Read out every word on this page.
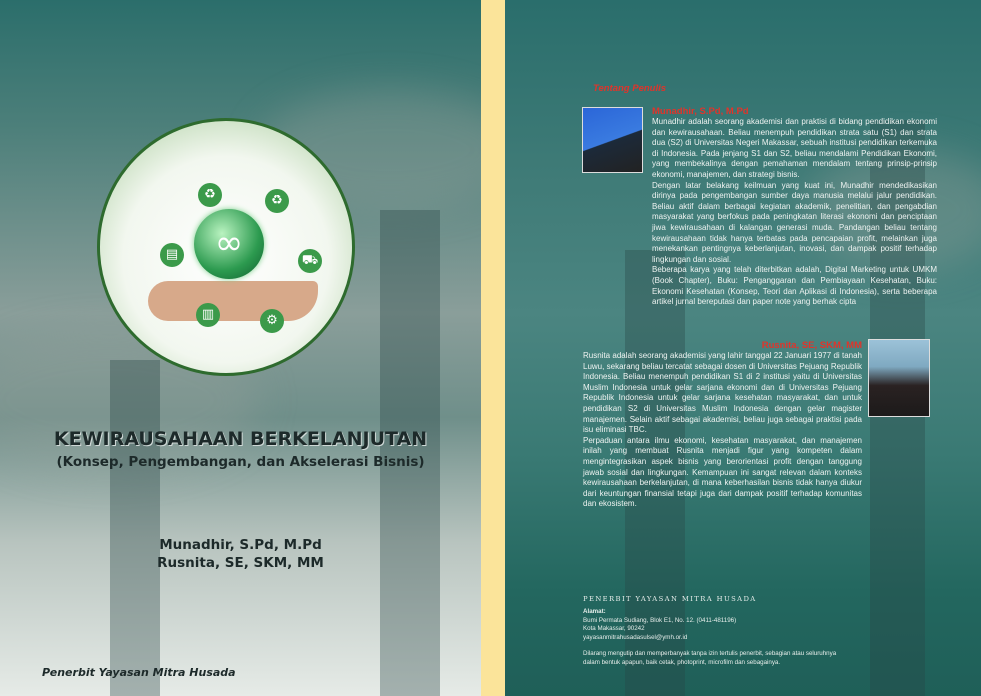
∞
♻	♻
⛟
⚙
▥
▤
KEWIRAUSAHAAN BERKELANJUTAN
(Konsep, Pengembangan, dan Akselerasi Bisnis)
Munadhir, S.Pd, M.Pd
Rusnita, SE, SKM, MM
Penerbit Yayasan Mitra Husada
Tentang Penulis
Munadhir, S.Pd, M.Pd

Munadhir adalah seorang akademisi dan praktisi di bidang pendidikan ekonomi dan kewirausahaan. Beliau menempuh pendidikan strata satu (S1) dan strata dua (S2) di Universitas Negeri Makassar, sebuah institusi pendidikan terkemuka di Indonesia. Pada jenjang S1 dan S2, beliau mendalami Pendidikan Ekonomi, yang membekalinya dengan pemahaman mendalam tentang prinsip-prinsip ekonomi, manajemen, dan strategi bisnis.

Dengan latar belakang keilmuan yang kuat ini, Munadhir mendedikasikan dirinya pada pengembangan sumber daya manusia melalui jalur pendidikan. Beliau aktif dalam berbagai kegiatan akademik, penelitian, dan pengabdian masyarakat yang berfokus pada peningkatan literasi ekonomi dan penciptaan jiwa kewirausahaan di kalangan generasi muda. Pandangan beliau tentang kewirausahaan tidak hanya terbatas pada pencapaian profit, melainkan juga menekankan pentingnya keberlanjutan, inovasi, dan dampak positif terhadap lingkungan dan sosial.

Beberapa karya yang telah diterbitkan adalah, Digital Marketing untuk UMKM (Book Chapter), Buku: Penganggaran dan Pembiayaan Kesehatan, Buku: Ekonomi Kesehatan (Konsep, Teori dan Aplikasi di Indonesia), serta beberapa artikel jurnal bereputasi dan paper note yang berhak cipta

Rusnita, SE, SKM, MM

Rusnita adalah seorang akademisi yang lahir tanggal 22 Januari 1977 di tanah Luwu, sekarang beliau tercatat sebagai dosen di Universitas Pejuang Republik Indonesia. Beliau menempuh pendidikan S1 di 2 institusi yaitu di Universitas Muslim Indonesia untuk gelar sarjana ekonomi dan di Universitas Pejuang Republik Indonesia untuk gelar sarjana kesehatan masyarakat, dan untuk pendidikan S2 di Universitas Muslim Indonesia dengan gelar magister manajemen. Selain aktif sebagai akademisi, beliau juga sebagai praktisi pada isu eliminasi TBC.

Perpaduan antara ilmu ekonomi, kesehatan masyarakat, dan manajemen inilah yang membuat Rusnita menjadi figur yang kompeten dalam mengintegrasikan aspek bisnis yang berorientasi profit dengan tanggung jawab sosial dan lingkungan. Kemampuan ini sangat relevan dalam konteks kewirausahaan berkelanjutan, di mana keberhasilan bisnis tidak hanya diukur dari keuntungan finansial tetapi juga dari dampak positif terhadap komunitas dan ekosistem.

PENERBIT YAYASAN MITRA HUSADA
Alamat:
Bumi Permata Sudiang, Blok E1, No. 12. (0411-481196)
Kota Makassar, 90242
yayasanmitrahusadasulsel@ymh.or.id
Dilarang mengutip dan memperbanyak tanpa izin tertulis penerbit, sebagian atau seluruhnya dalam bentuk apapun, baik cetak, photoprint, microfilm dan sebagainya.
